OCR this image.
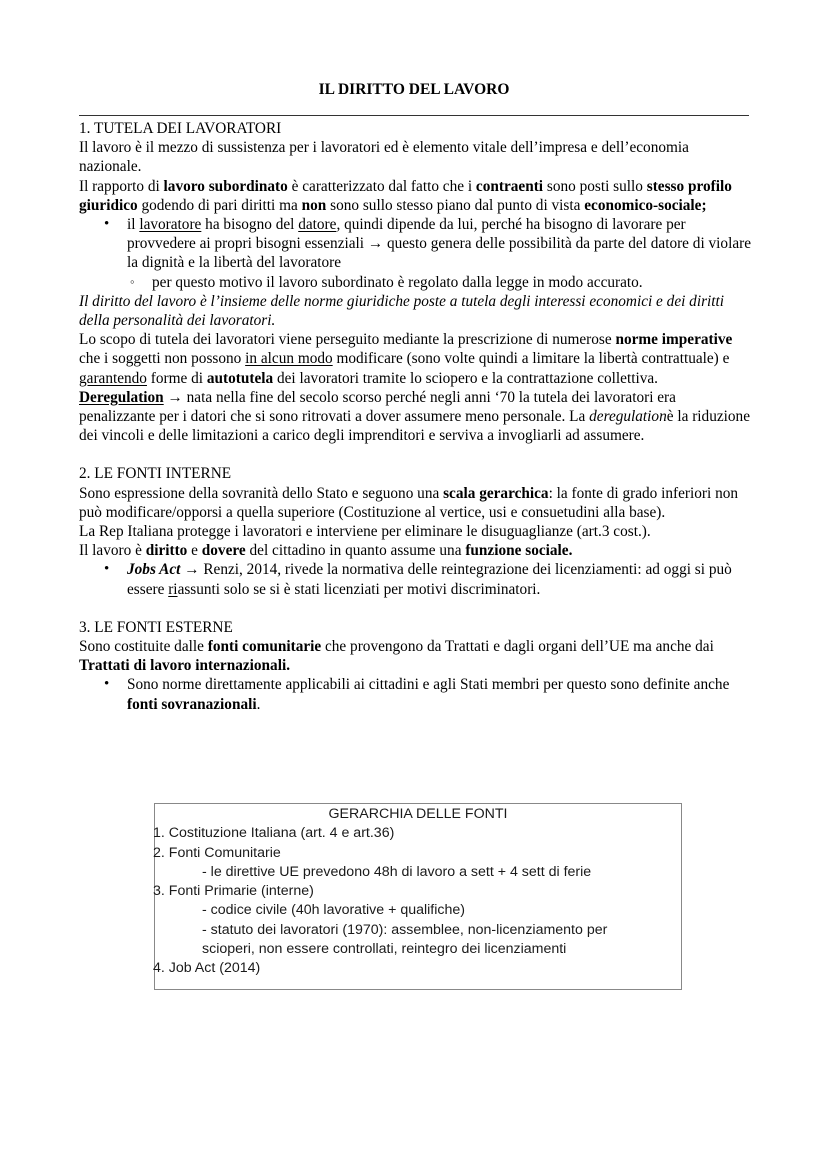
IL DIRITTO DEL LAVORO

1. TUTELA DEI LAVORATORI

Il lavoro è il mezzo di sussistenza per i lavoratori ed è elemento vitale dell’impresa e dell’economia nazionale.

Il rapporto di lavoro subordinato è caratterizzato dal fatto che i contraenti sono posti sullo stesso profilo giuridico godendo di pari diritti ma non sono sullo stesso piano dal punto di vista economico-sociale;

• il lavoratore ha bisogno del datore, quindi dipende da lui, perché ha bisogno di lavorare per provvedere ai propri bisogni essenziali → questo genera delle possibilità da parte del datore di violare la dignità e la libertà del lavoratore
◦ per questo motivo il lavoro subordinato è regolato dalla legge in modo accurato.

Il diritto del lavoro è l’insieme delle norme giuridiche poste a tutela degli interessi economici e dei diritti della personalità dei lavoratori.

Lo scopo di tutela dei lavoratori viene perseguito mediante la prescrizione di numerose norme imperative che i soggetti non possono in alcun modo modificare (sono volte quindi a limitare la libertà contrattuale) e garantendo forme di autotutela dei lavoratori tramite lo sciopero e la contrattazione collettiva.

Deregulation → nata nella fine del secolo scorso perché negli anni ‘70 la tutela dei lavoratori era penalizzante per i datori che si sono ritrovati a dover assumere meno personale. La deregulationè la riduzione dei vincoli e delle limitazioni a carico degli imprenditori e serviva a invogliarli ad assumere.

2. LE FONTI INTERNE

Sono espressione della sovranità dello Stato e seguono una scala gerarchica: la fonte di grado inferiori non può modificare/opporsi a quella superiore (Costituzione al vertice, usi e consuetudini alla base).

La Rep Italiana protegge i lavoratori e interviene per eliminare le disuguaglianze (art.3 cost.).

Il lavoro è diritto e dovere del cittadino in quanto assume una funzione sociale.

• Jobs Act → Renzi, 2014, rivede la normativa delle reintegrazione dei licenziamenti: ad oggi si può essere riassunti solo se si è stati licenziati per motivi discriminatori.

3. LE FONTI ESTERNE

Sono costituite dalle fonti comunitarie che provengono da Trattati e dagli organi dell’UE ma anche dai Trattati di lavoro internazionali.

• Sono norme direttamente applicabili ai cittadini e agli Stati membri per questo sono definite anche fonti sovranazionali.
GERARCHIA DELLE FONTI
1. Costituzione Italiana (art. 4 e art.36)
2. Fonti Comunitarie
- le direttive UE prevedono 48h di lavoro a sett + 4 sett di ferie
3. Fonti Primarie (interne)
- codice civile (40h lavorative + qualifiche)
- statuto dei lavoratori (1970): assemblee, non-licenziamento per scioperi, non essere controllati, reintegro dei licenziamenti
4. Job Act (2014)
